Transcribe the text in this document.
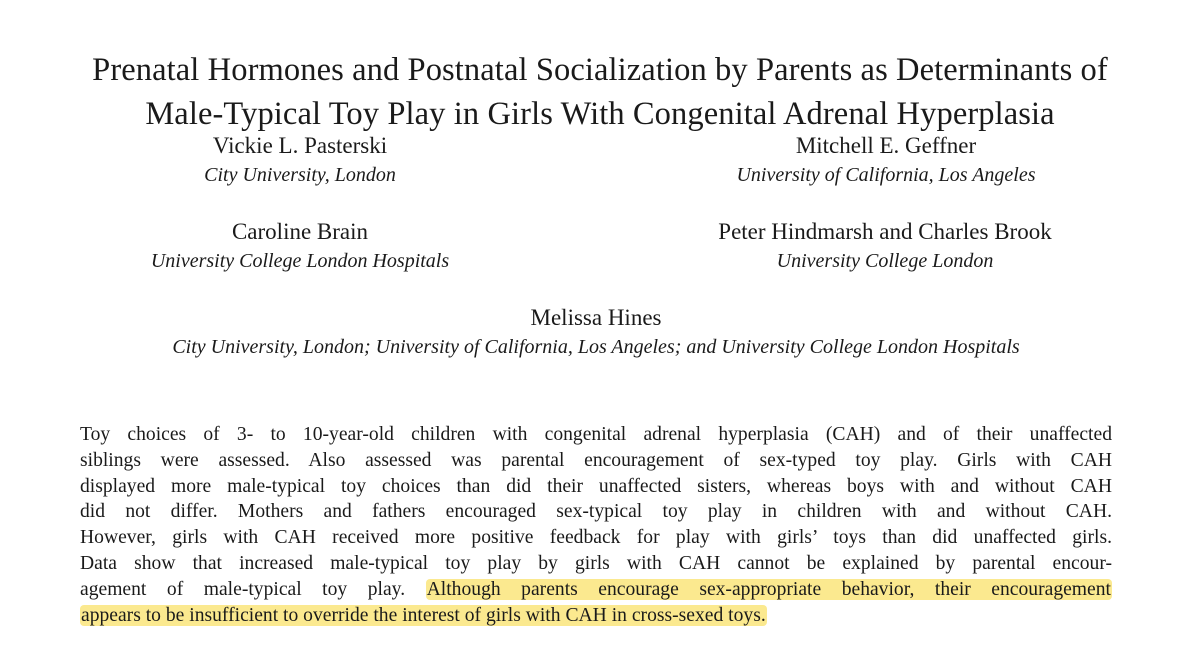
Prenatal Hormones and Postnatal Socialization by Parents as Determinants of
Male-Typical Toy Play in Girls With Congenital Adrenal Hyperplasia
Vickie L. Pasterski
City University, London
Mitchell E. Geffner
University of California, Los Angeles
Caroline Brain
University College London Hospitals
Peter Hindmarsh and Charles Brook
University College London
Melissa Hines
City University, London; University of California, Los Angeles; and University College London Hospitals
Toy choices of 3- to 10-year-old children with congenital adrenal hyperplasia (CAH) and of their unaffected
siblings were assessed. Also assessed was parental encouragement of sex-typed toy play. Girls with CAH
displayed more male-typical toy choices than did their unaffected sisters, whereas boys with and without CAH
did not differ. Mothers and fathers encouraged sex-typical toy play in children with and without CAH.
However, girls with CAH received more positive feedback for play with girls’ toys than did unaffected girls.
Data show that increased male-typical toy play by girls with CAH cannot be explained by parental encour-
agement of male-typical toy play. Although parents encourage sex-appropriate behavior, their encouragement
appears to be insufficient to override the interest of girls with CAH in cross-sexed toys.
